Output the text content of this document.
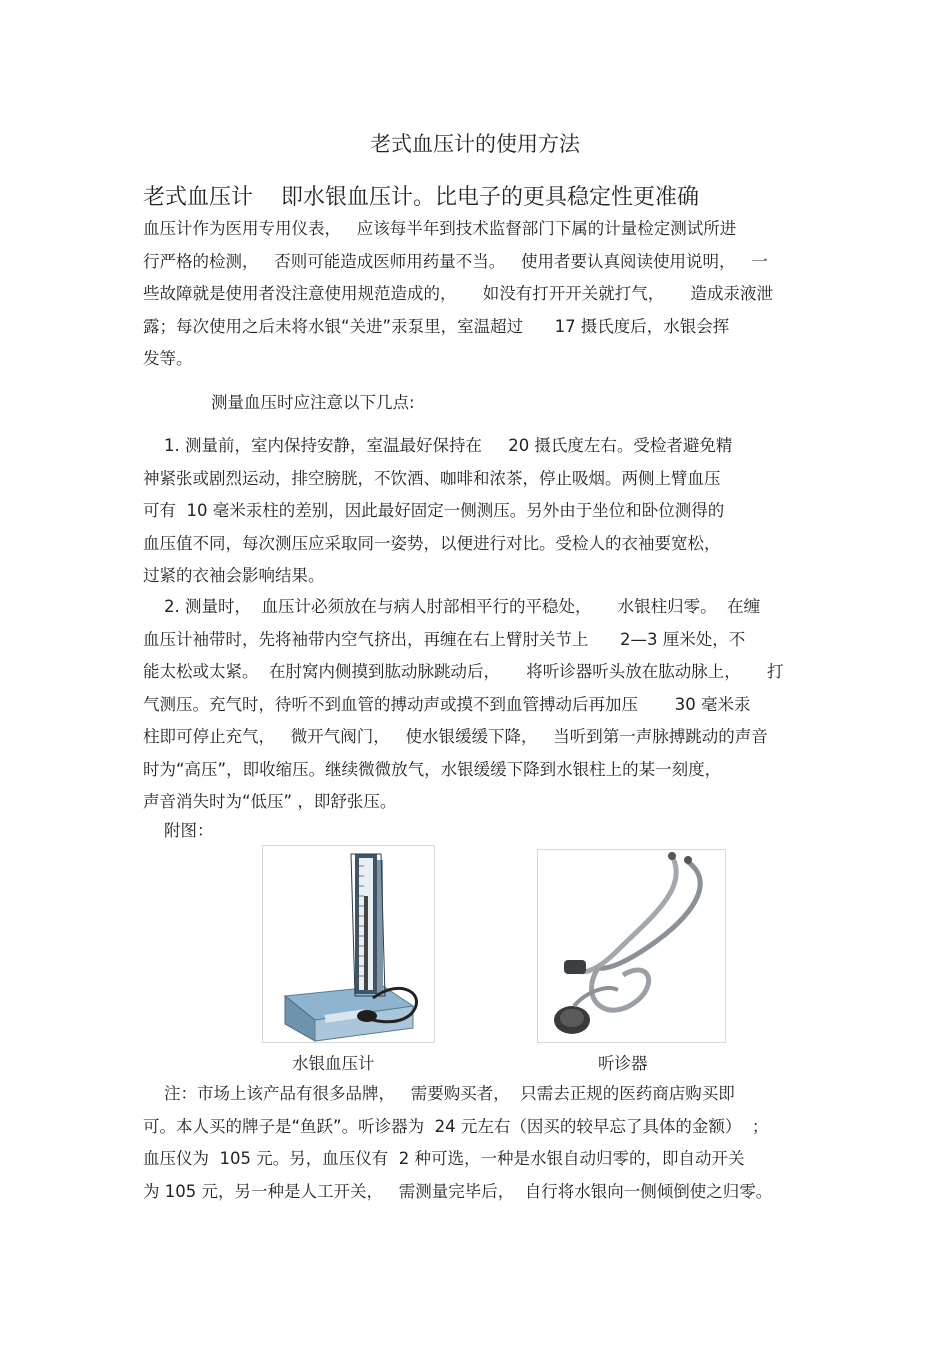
老式血压计的使用方法
老式血压计    即水银血压计。比电子的更具稳定性更准确
血压计作为医用专用仪表，   应该每半年到技术监督部门下属的计量检定测试所进
行严格的检测，   否则可能造成医师用药量不当。   使用者要认真阅读使用说明，   一
些故障就是使用者没注意使用规范造成的，     如没有打开开关就打气，     造成汞液泄
露；每次使用之后未将水银“关进”汞泵里，室温超过      17 摄氏度后，水银会挥
发等。
测量血压时应注意以下几点:
1. 测量前，室内保持安静，室温最好保持在     20 摄氏度左右。受检者避免精
神紧张或剧烈运动，排空膀胱，不饮酒、咖啡和浓茶，停止吸烟。两侧上臂血压
可有  10 毫米汞柱的差别，因此最好固定一侧测压。另外由于坐位和卧位测得的
血压值不同，每次测压应采取同一姿势，以便进行对比。受检人的衣袖要宽松，
过紧的衣袖会影响结果。
2. 测量时，  血压计必须放在与病人肘部相平行的平稳处，     水银柱归零。  在缠
血压计袖带时，先将袖带内空气挤出，再缠在右上臂肘关节上      2—3 厘米处，不
能太松或太紧。  在肘窝内侧摸到肱动脉跳动后，     将听诊器听头放在肱动脉上，     打
气测压。充气时，待听不到血管的搏动声或摸不到血管搏动后再加压       30 毫米汞
柱即可停止充气，   微开气阀门，   使水银缓缓下降，   当听到第一声脉搏跳动的声音
时为“高压”，即收缩压。继续微微放气，水银缓缓下降到水银柱上的某一刻度，
声音消失时为“低压” ，即舒张压。
附图：
水银血压计	听诊器
注：市场上该产品有很多品牌，   需要购买者，  只需去正规的医药商店购买即
可。本人买的牌子是“鱼跃”。听诊器为  24 元左右（因买的较早忘了具体的金额）  ；
血压仪为  105 元。另，血压仪有  2 种可选，一种是水银自动归零的，即自动开关
为 105 元，另一种是人工开关，   需测量完毕后，  自行将水银向一侧倾倒使之归零。
